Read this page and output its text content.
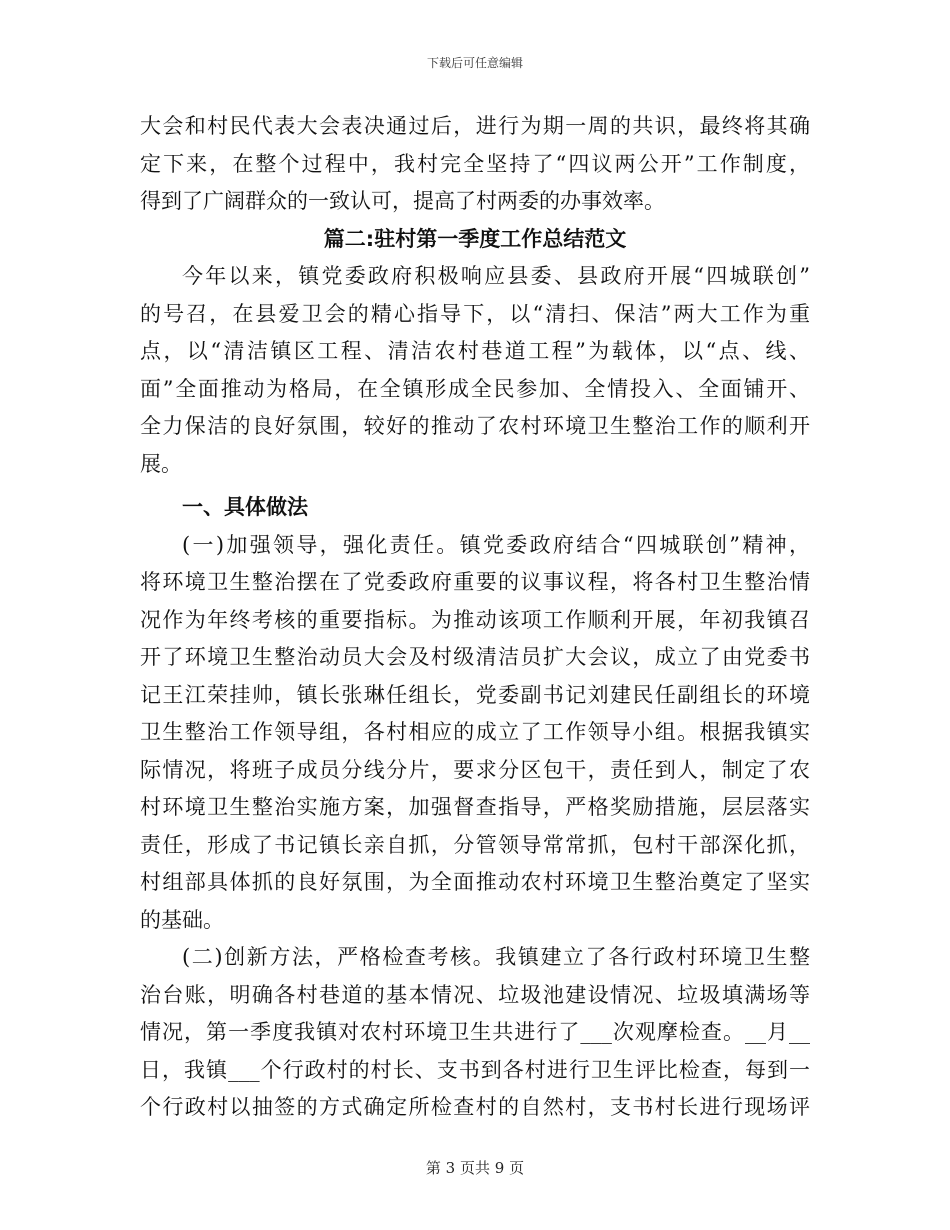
下载后可任意编辑
大会和村民代表大会表决通过后，进行为期一周的共识，最终将其确
定下来，在整个过程中，我村完全坚持了“四议两公开”工作制度，
得到了广阔群众的一致认可，提高了村两委的办事效率。
篇二:驻村第一季度工作总结范文
今年以来，镇党委政府积极响应县委、县政府开展“四城联创”
的号召，在县爱卫会的精心指导下，以“清扫、保洁”两大工作为重
点，以“清洁镇区工程、清洁农村巷道工程”为载体，以“点、线、
面”全面推动为格局，在全镇形成全民参加、全情投入、全面铺开、
全力保洁的良好氛围，较好的推动了农村环境卫生整治工作的顺利开
展。
一、具体做法
(一)加强领导，强化责任。镇党委政府结合“四城联创”精神，
将环境卫生整治摆在了党委政府重要的议事议程，将各村卫生整治情
况作为年终考核的重要指标。为推动该项工作顺利开展，年初我镇召
开了环境卫生整治动员大会及村级清洁员扩大会议，成立了由党委书
记王江荣挂帅，镇长张琳任组长，党委副书记刘建民任副组长的环境
卫生整治工作领导组，各村相应的成立了工作领导小组。根据我镇实
际情况，将班子成员分线分片，要求分区包干，责任到人，制定了农
村环境卫生整治实施方案，加强督查指导，严格奖励措施，层层落实
责任，形成了书记镇长亲自抓，分管领导常常抓，包村干部深化抓，
村组部具体抓的良好氛围，为全面推动农村环境卫生整治奠定了坚实
的基础。
(二)创新方法，严格检查考核。我镇建立了各行政村环境卫生整
治台账，明确各村巷道的基本情况、垃圾池建设情况、垃圾填满场等
情况，第一季度我镇对农村环境卫生共进行了___次观摩检查。__月__
日，我镇___个行政村的村长、支书到各村进行卫生评比检查，每到一
个行政村以抽签的方式确定所检查村的自然村，支书村长进行现场评
第 3 页共 9 页
